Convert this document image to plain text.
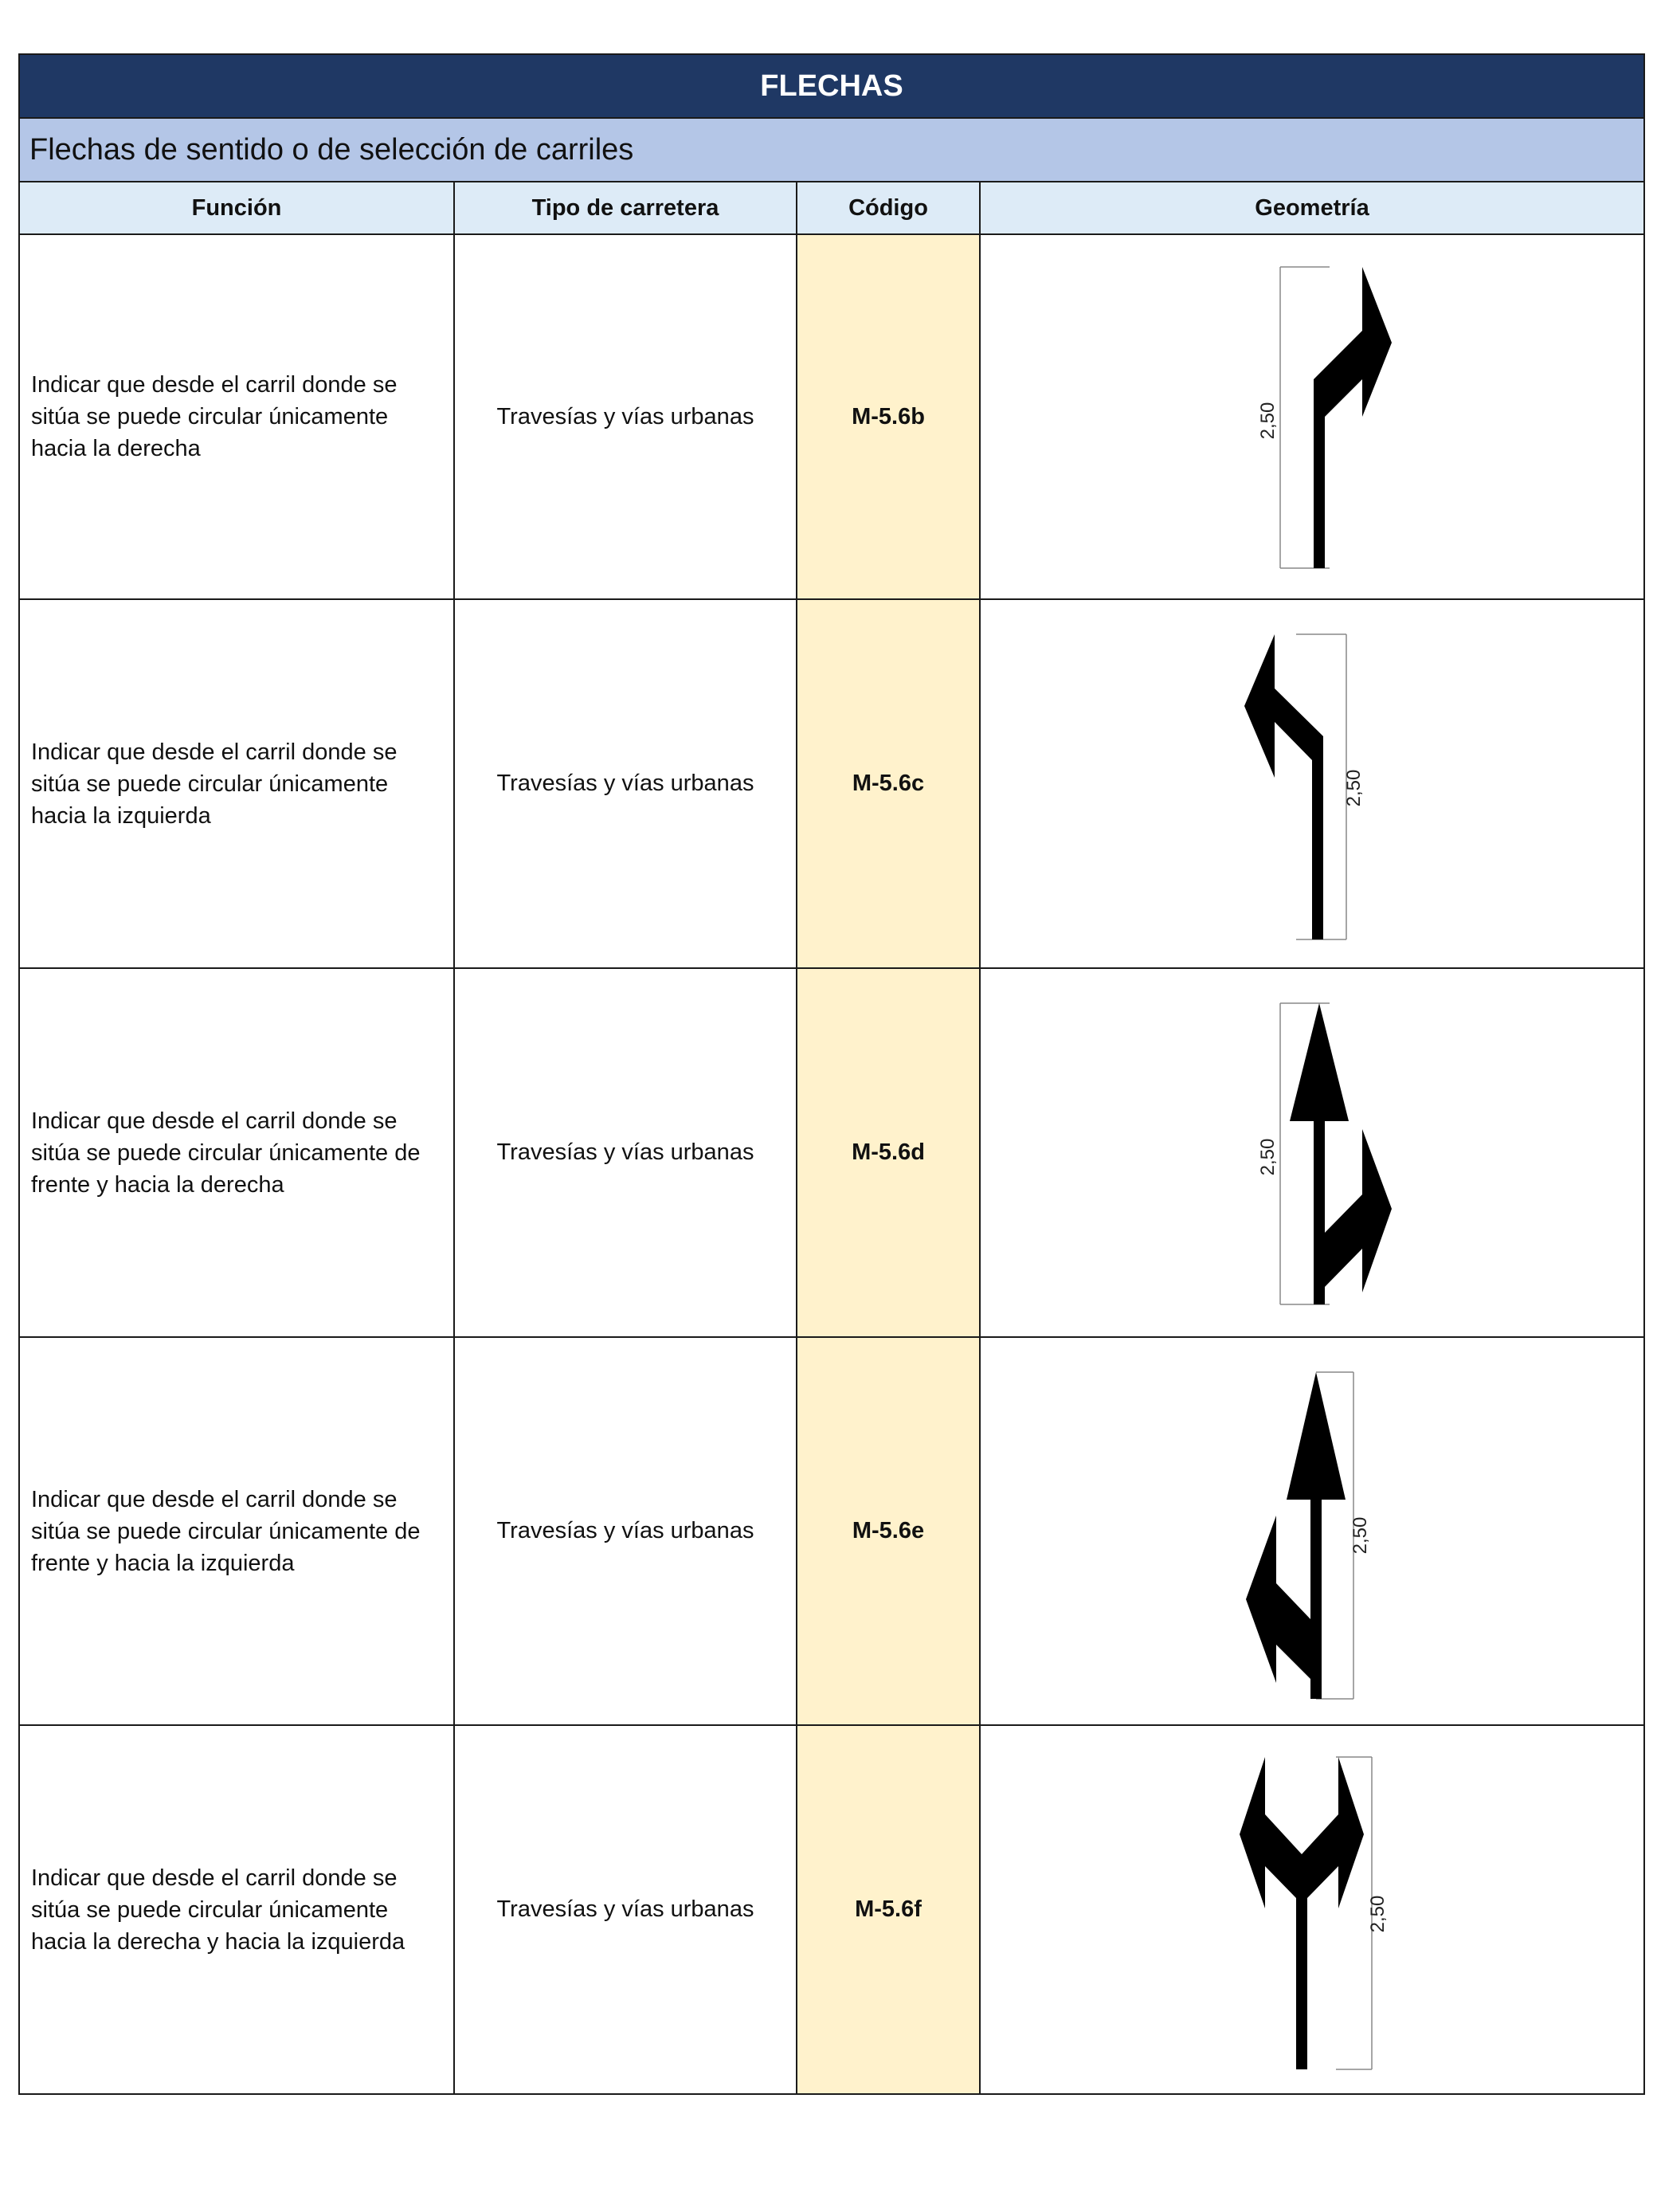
FLECHAS			
Flechas de sentido o de selección de carriles			
Función	Tipo de carretera	Código	Geometría
Indicar que desde el carril donde se sitúa se puede circular únicamente hacia la derecha	Travesías y vías urbanas	M-5.6b	2,50

Indicar que desde el carril donde se sitúa se puede circular únicamente hacia la izquierda	Travesías y vías urbanas	M-5.6c	2,50

Indicar que desde el carril donde se sitúa se puede circular únicamente de frente y hacia la derecha	Travesías y vías urbanas	M-5.6d	2,50

Indicar que desde el carril donde se sitúa se puede circular únicamente de frente y hacia la izquierda	Travesías y vías urbanas	M-5.6e	2,50

Indicar que desde el carril donde se sitúa se puede circular únicamente hacia la derecha y hacia la izquierda	Travesías y vías urbanas	M-5.6f	2,50
